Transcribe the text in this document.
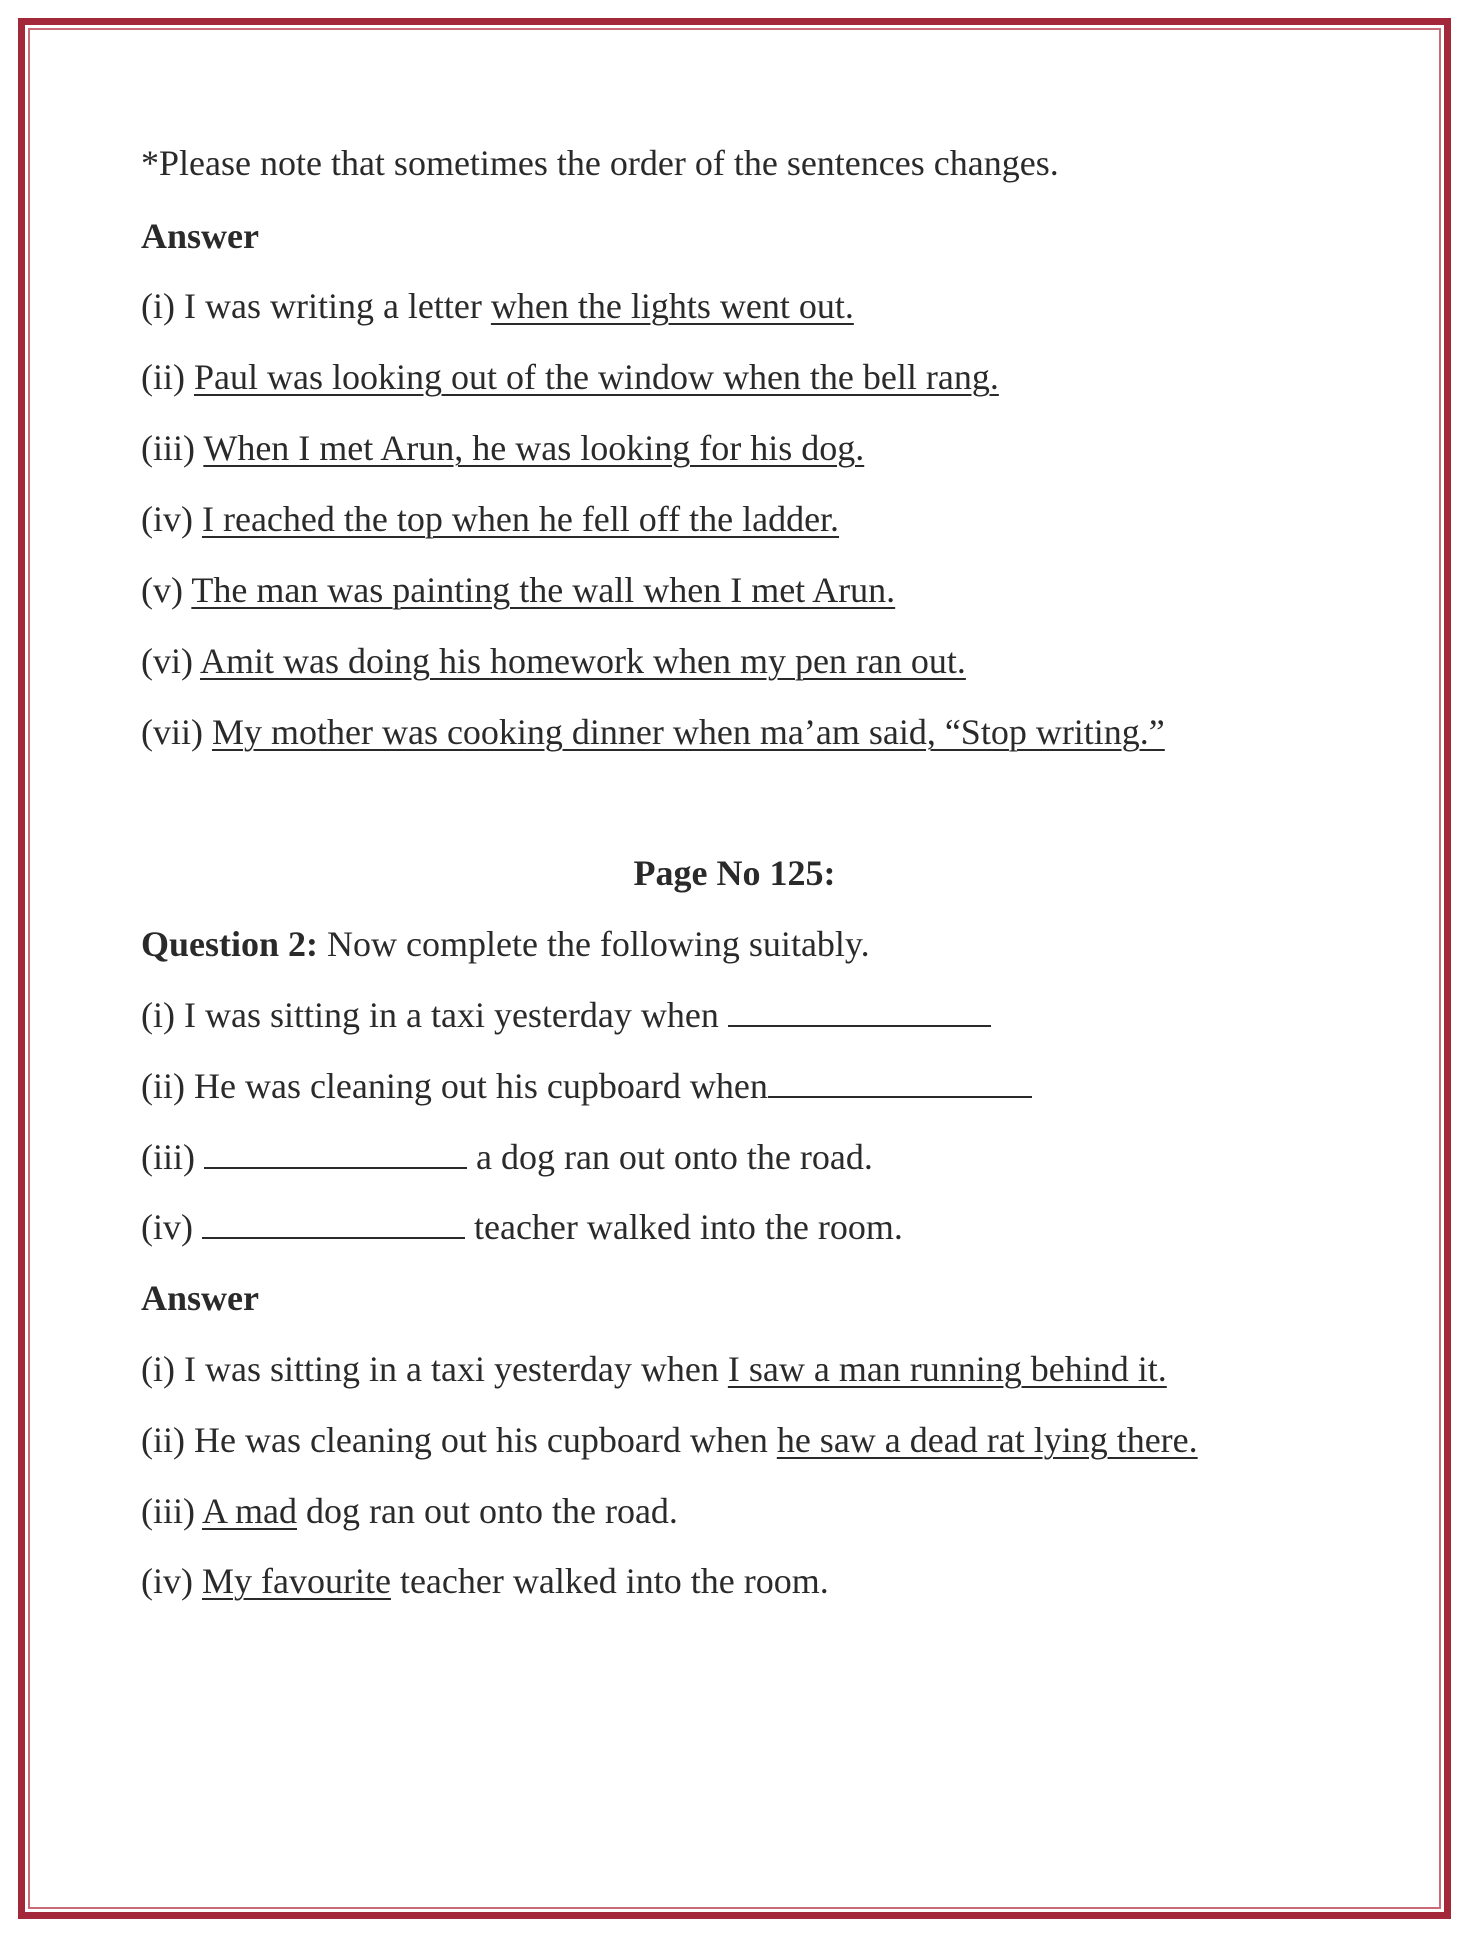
*Please note that sometimes the order of the sentences changes.
Answer
(i) I was writing a letter when the lights went out.
(ii) Paul was looking out of the window when the bell rang.
(iii) When I met Arun, he was looking for his dog.
(iv) I reached the top when he fell off the ladder.
(v) The man was painting the wall when I met Arun.
(vi) Amit was doing his homework when my pen ran out.
(vii) My mother was cooking dinner when ma’am said, “Stop writing.”
Page No 125:
Question 2: Now complete the following suitably.
(i) I was sitting in a taxi yesterday when
(ii) He was cleaning out his cupboard when
(iii)	a dog ran out onto the road.
(iv)	teacher walked into the room.
Answer
(i) I was sitting in a taxi yesterday when I saw a man running behind it.
(ii) He was cleaning out his cupboard when he saw a dead rat lying there.
(iii) A mad dog ran out onto the road.
(iv) My favourite teacher walked into the room.
